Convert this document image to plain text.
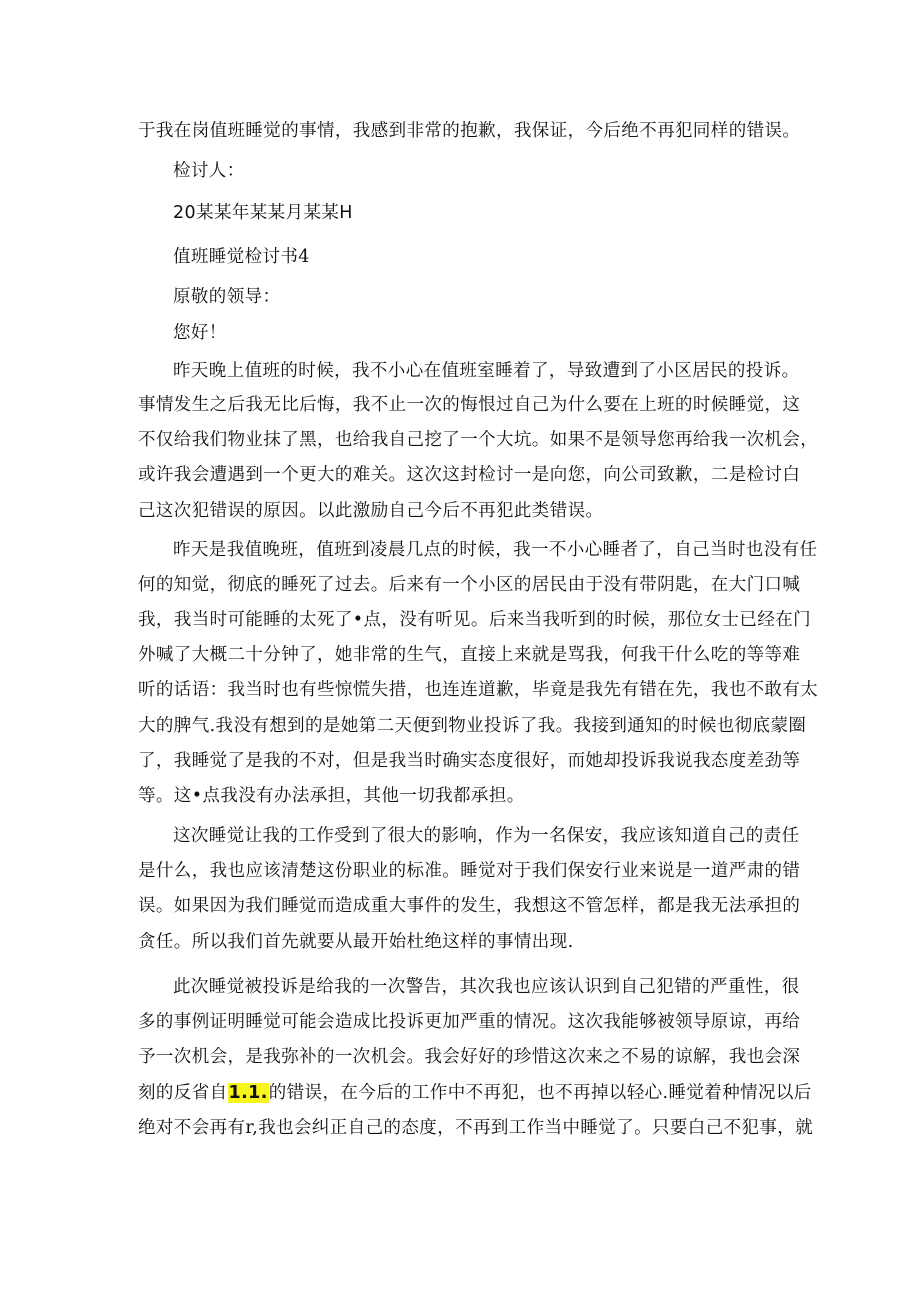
于我在岗值班睡觉的事情，我感到非常的抱歉，我保证，今后绝不再犯同样的错误。
检讨人：
20某某年某某月某某H
值班睡觉检讨书4
原敬的领导：
您好！
昨天晚上值班的时候，我不小心在值班室睡着了，导致遭到了小区居民的投诉。
事情发生之后我无比后悔，我不止一次的悔恨过自己为什么要在上班的时候睡觉，这
不仅给我们物业抹了黑，也给我自己挖了一个大坑。如果不是领导您再给我一次机会，
或许我会遭遇到一个更大的难关。这次这封检讨一是向您，向公司致歉，二是检讨白
己这次犯错误的原因。以此激励自己今后不再犯此类错误。
昨天是我值晚班，值班到凌晨几点的时候，我一不小心睡者了，自己当时也没有任
何的知觉，彻底的睡死了过去。后来有一个小区的居民由于没有带阴匙，在大门口喊
我，我当时可能睡的太死了•点，没有听见。后来当我听到的时候，那位女士已经在门
外喊了大概二十分钟了，她非常的生气，直接上来就是骂我，何我干什么吃的等等难
听的话语：我当时也有些惊慌失措，也连连道歉，毕竟是我先有错在先，我也不敢有太
大的脾气.我没有想到的是她第二天便到物业投诉了我。我接到通知的时候也彻底蒙圈
了，我睡觉了是我的不对，但是我当时确实态度很好，而她却投诉我说我态度差劲等
等。这•点我没有办法承担，其他一切我都承担。
这次睡觉让我的工作受到了很大的影响，作为一名保安，我应该知道自己的责任
是什么，我也应该清楚这份职业的标准。睡觉对于我们保安行业来说是一道严肃的错
误。如果因为我们睡觉而造成重大事件的发生，我想这不管怎样，都是我无法承担的
贪任。所以我们首先就要从最开始杜绝这样的事情出现.
此次睡觉被投诉是给我的一次警告，其次我也应该认识到自己犯错的严重性，很
多的事例证明睡觉可能会造成比投诉更加严重的情况。这次我能够被领导原谅，再给
予一次机会，是我弥补的一次机会。我会好好的珍惜这次来之不易的谅解，我也会深
刻的反省自1.1.的错误，在今后的工作中不再犯，也不再掉以轻心.睡觉着种情况以后
绝对不会再有r,我也会纠正自己的态度，不再到工作当中睡觉了。只要白己不犯事，就
